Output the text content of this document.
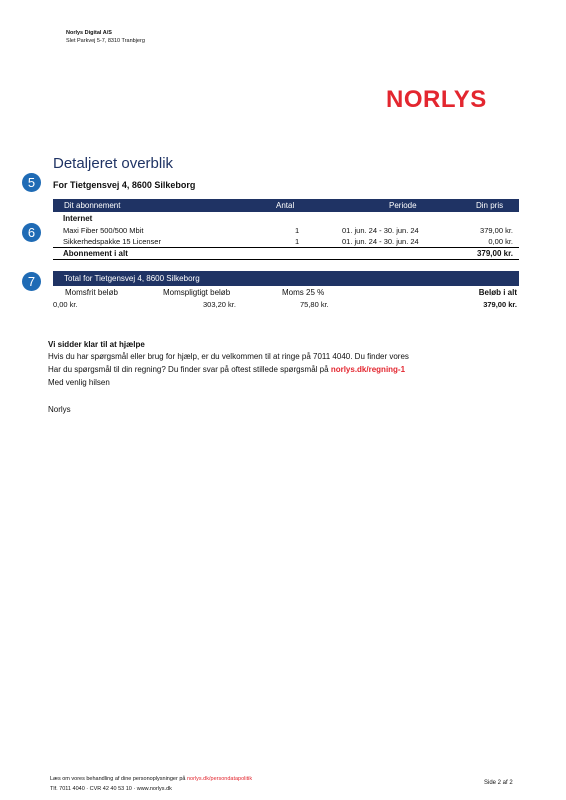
Norlys Digital A/S
Slet Parkvej 5-7, 8310 Tranbjerg
NORLYS
Detaljeret overblik
5
6
7
For Tietgensvej 4, 8600 Silkeborg
Dit abonnement	Antal	Periode	Din pris
Internet
Maxi Fiber 500/500 Mbit	1	01. jun. 24 - 30. jun. 24	379,00 kr.
Sikkerhedspakke 15 Licenser	1	01. jun. 24 - 30. jun. 24	0,00 kr.
Abonnement i alt	379,00 kr.
Total for Tietgensvej 4, 8600 Silkeborg
Momsfrit beløb	Momspligtigt beløb	Moms 25 %	Beløb i alt
0,00 kr.	303,20 kr.	75,80 kr.	379,00 kr.
Vi sidder klar til at hjælpe
Hvis du har spørgsmål eller brug for hjælp, er du velkommen til at ringe på 7011 4040. Du finder vores
Har du spørgsmål til din regning? Du finder svar på oftest stillede spørgsmål på norlys.dk/regning-1
Med venlig hilsen
Norlys
Læs om vores behandling af dine personoplysninger på norlys.dk/persondatapolitik
Tlf. 7011 4040 · CVR 42 40 53 10 · www.norlys.dk
Side 2 af 2
